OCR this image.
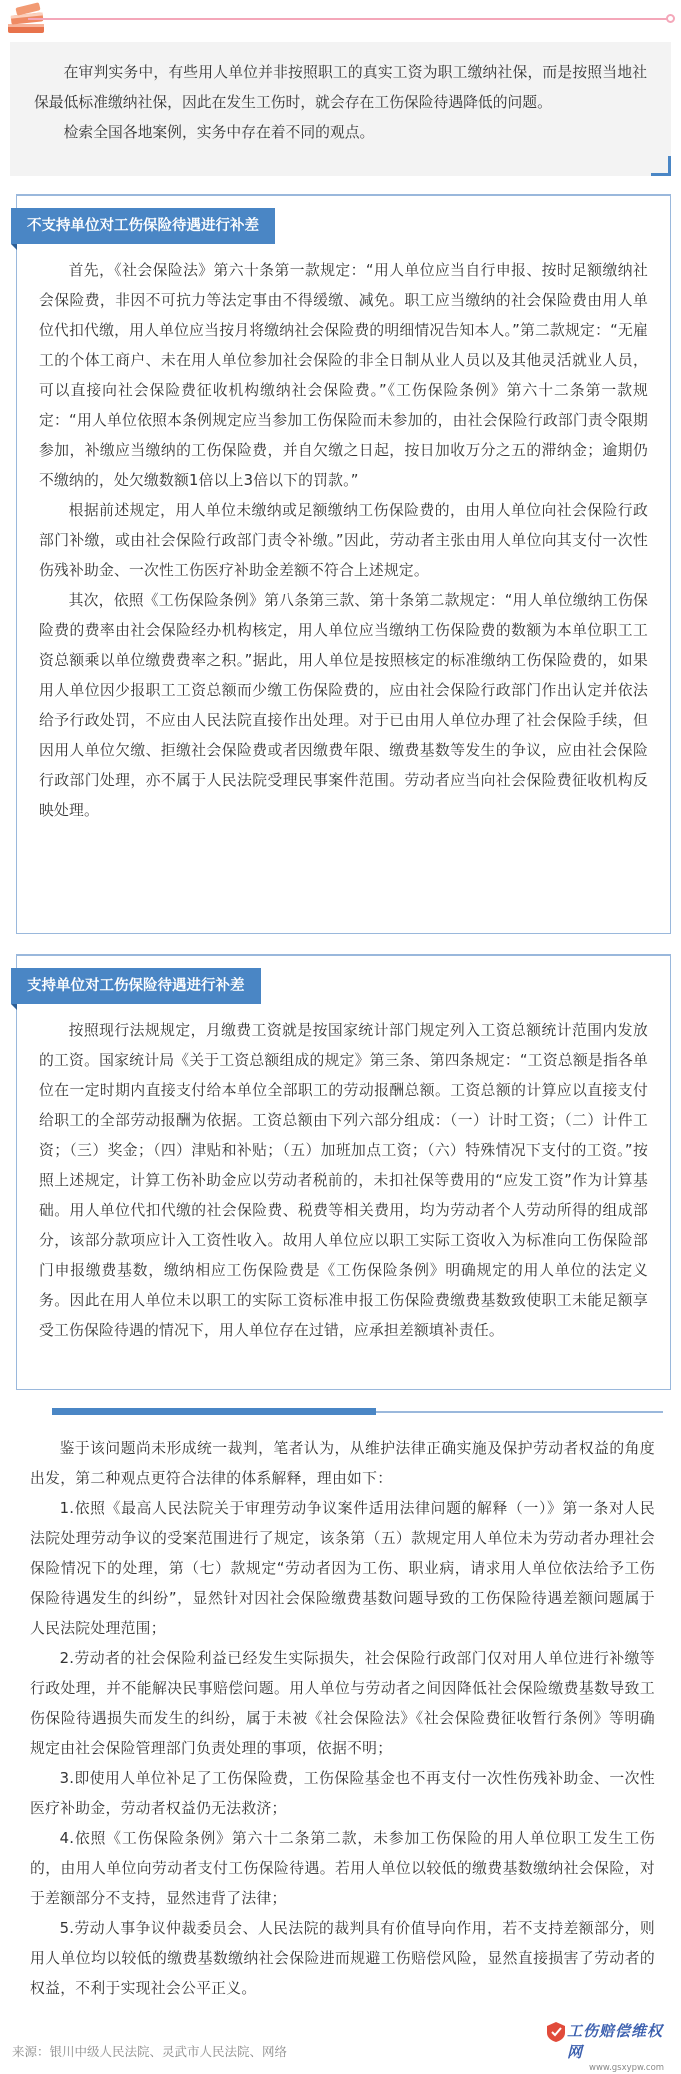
在审判实务中，有些用人单位并非按照职工的真实工资为职工缴纳社保，而是按照当地社保最低标准缴纳社保，因此在发生工伤时，就会存在工伤保险待遇降低的问题。

检索全国各地案例，实务中存在着不同的观点。

不支持单位对工伤保险待遇进行补差

首先，《社会保险法》第六十条第一款规定：“用人单位应当自行申报、按时足额缴纳社会保险费，非因不可抗力等法定事由不得缓缴、减免。职工应当缴纳的社会保险费由用人单位代扣代缴，用人单位应当按月将缴纳社会保险费的明细情况告知本人。”第二款规定：“无雇工的个体工商户、未在用人单位参加社会保险的非全日制从业人员以及其他灵活就业人员，可以直接向社会保险费征收机构缴纳社会保险费。”《工伤保险条例》第六十二条第一款规定：“用人单位依照本条例规定应当参加工伤保险而未参加的，由社会保险行政部门责令限期参加，补缴应当缴纳的工伤保险费，并自欠缴之日起，按日加收万分之五的滞纳金；逾期仍不缴纳的，处欠缴数额1倍以上3倍以下的罚款。”

根据前述规定，用人单位未缴纳或足额缴纳工伤保险费的，由用人单位向社会保险行政部门补缴，或由社会保险行政部门责令补缴。”因此，劳动者主张由用人单位向其支付一次性伤残补助金、一次性工伤医疗补助金差额不符合上述规定。

其次，依照《工伤保险条例》第八条第三款、第十条第二款规定：“用人单位缴纳工伤保险费的费率由社会保险经办机构核定，用人单位应当缴纳工伤保险费的数额为本单位职工工资总额乘以单位缴费费率之积。”据此，用人单位是按照核定的标准缴纳工伤保险费的，如果用人单位因少报职工工资总额而少缴工伤保险费的，应由社会保险行政部门作出认定并依法给予行政处罚，不应由人民法院直接作出处理。对于已由用人单位办理了社会保险手续，但因用人单位欠缴、拒缴社会保险费或者因缴费年限、缴费基数等发生的争议，应由社会保险行政部门处理，亦不属于人民法院受理民事案件范围。劳动者应当向社会保险费征收机构反映处理。

支持单位对工伤保险待遇进行补差

按照现行法规规定，月缴费工资就是按国家统计部门规定列入工资总额统计范围内发放的工资。国家统计局《关于工资总额组成的规定》第三条、第四条规定：“工资总额是指各单位在一定时期内直接支付给本单位全部职工的劳动报酬总额。工资总额的计算应以直接支付给职工的全部劳动报酬为依据。工资总额由下列六部分组成：（一）计时工资；（二）计件工资；（三）奖金；（四）津贴和补贴；（五）加班加点工资；（六）特殊情况下支付的工资。”按照上述规定，计算工伤补助金应以劳动者税前的，未扣社保等费用的“应发工资”作为计算基础。用人单位代扣代缴的社会保险费、税费等相关费用，均为劳动者个人劳动所得的组成部分，该部分款项应计入工资性收入。故用人单位应以职工实际工资收入为标准向工伤保险部门申报缴费基数，缴纳相应工伤保险费是《工伤保险条例》明确规定的用人单位的法定义务。因此在用人单位未以职工的实际工资标准申报工伤保险费缴费基数致使职工未能足额享受工伤保险待遇的情况下，用人单位存在过错，应承担差额填补责任。

鉴于该问题尚未形成统一裁判，笔者认为，从维护法律正确实施及保护劳动者权益的角度出发，第二种观点更符合法律的体系解释，理由如下：

1.依照《最高人民法院关于审理劳动争议案件适用法律问题的解释（一）》第一条对人民法院处理劳动争议的受案范围进行了规定，该条第（五）款规定用人单位未为劳动者办理社会保险情况下的处理，第（七）款规定“劳动者因为工伤、职业病，请求用人单位依法给予工伤保险待遇发生的纠纷”，显然针对因社会保险缴费基数问题导致的工伤保险待遇差额问题属于人民法院处理范围；

2.劳动者的社会保险利益已经发生实际损失，社会保险行政部门仅对用人单位进行补缴等行政处理，并不能解决民事赔偿问题。用人单位与劳动者之间因降低社会保险缴费基数导致工伤保险待遇损失而发生的纠纷，属于未被《社会保险法》《社会保险费征收暂行条例》等明确规定由社会保险管理部门负责处理的事项，依据不明；

3.即使用人单位补足了工伤保险费，工伤保险基金也不再支付一次性伤残补助金、一次性医疗补助金，劳动者权益仍无法救济；

4.依照《工伤保险条例》第六十二条第二款，未参加工伤保险的用人单位职工发生工伤的，由用人单位向劳动者支付工伤保险待遇。若用人单位以较低的缴费基数缴纳社会保险，对于差额部分不支持，显然违背了法律；

5.劳动人事争议仲裁委员会、人民法院的裁判具有价值导向作用，若不支持差额部分，则用人单位均以较低的缴费基数缴纳社会保险进而规避工伤赔偿风险，显然直接损害了劳动者的权益，不利于实现社会公平正义。

来源：银川中级人民法院、灵武市人民法院、网络
工伤赔偿维权网
www.gsxypw.com
